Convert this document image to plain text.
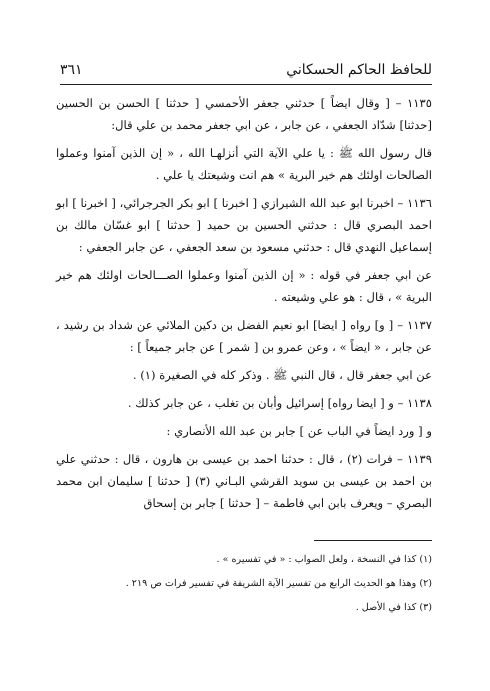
للحافظ الحاكم الحسكاني
٣٦١

١١٣٥ – [ وقال ايضاً ] حدثني جعفر الأحمسي [ حدثنا ] الحسن بن الحسين [حدثنا] شدّاد الجعفي ، عن جابر ، عن ابي جعفر محمد بن علي قال:

قال رسول الله ﷺ : يا علي الآية التي أنزلهـا الله ، « إن الذين آمنوا وعملوا الصالحات اولئك هم خير البرية » هم انت وشيعتك يا علي .

١١٣٦ – اخبرنا ابو عبد الله الشيرازي [ اخبرنا ] ابو بكر الجرجرائي، [ اخبرنا ] ابو احمد البصري قال : حدثني الحسين بن حميد [ حدثنا ] ابو غسّان مالك بن إسماعيل النهدي قال : حدثني مسعود بن سعد الجعفي ، عن جابر الجعفي :

عن ابي جعفر في قوله : « إن الذين آمنوا وعملوا الصـــالحات اولئك هم خير البرية » ، قال : هو علي وشيعته .

١١٣٧ – [ و] رواه [ ايضا] ابو نعيم الفضل بن دكين الملائي عن شداد بن رشيد ، عن جابر ، « ايضاً » ، وعن عمرو بن [ شمر ] عن جابر جميعاً ] :

عن ابي جعفر قال ، قال النبي ﷺ . وذكر كله في الصغيرة (١) .

١١٣٨ – و [ ايضا رواه] إسرائيل وأبان بن تغلب ، عن جابر كذلك .

و [ ورد ايضاً في الباب عن ] جابر بن عبد الله الأنصاري :

١١٣٩ – فرات (٢) ، قال : حدثنا احمد بن عيسى بن هارون ، قال : حدثني علي بن احمد بن عيسى بن سويد القرشي البـاني (٣) [ حدثنا ] سليمان ابن محمد البصري – ويعرف بابن ابي فاطمة – [ حدثنا ] جابر بن إسحاق

(١) كذا في النسخة ، ولعل الصواب : « في تفسيره » .
(٢) وهذا هو الحديث الرابع من تفسير الآية الشريفة في تفسير فرات ص ٢١٩ .
(٣) كذا في الأصل .
